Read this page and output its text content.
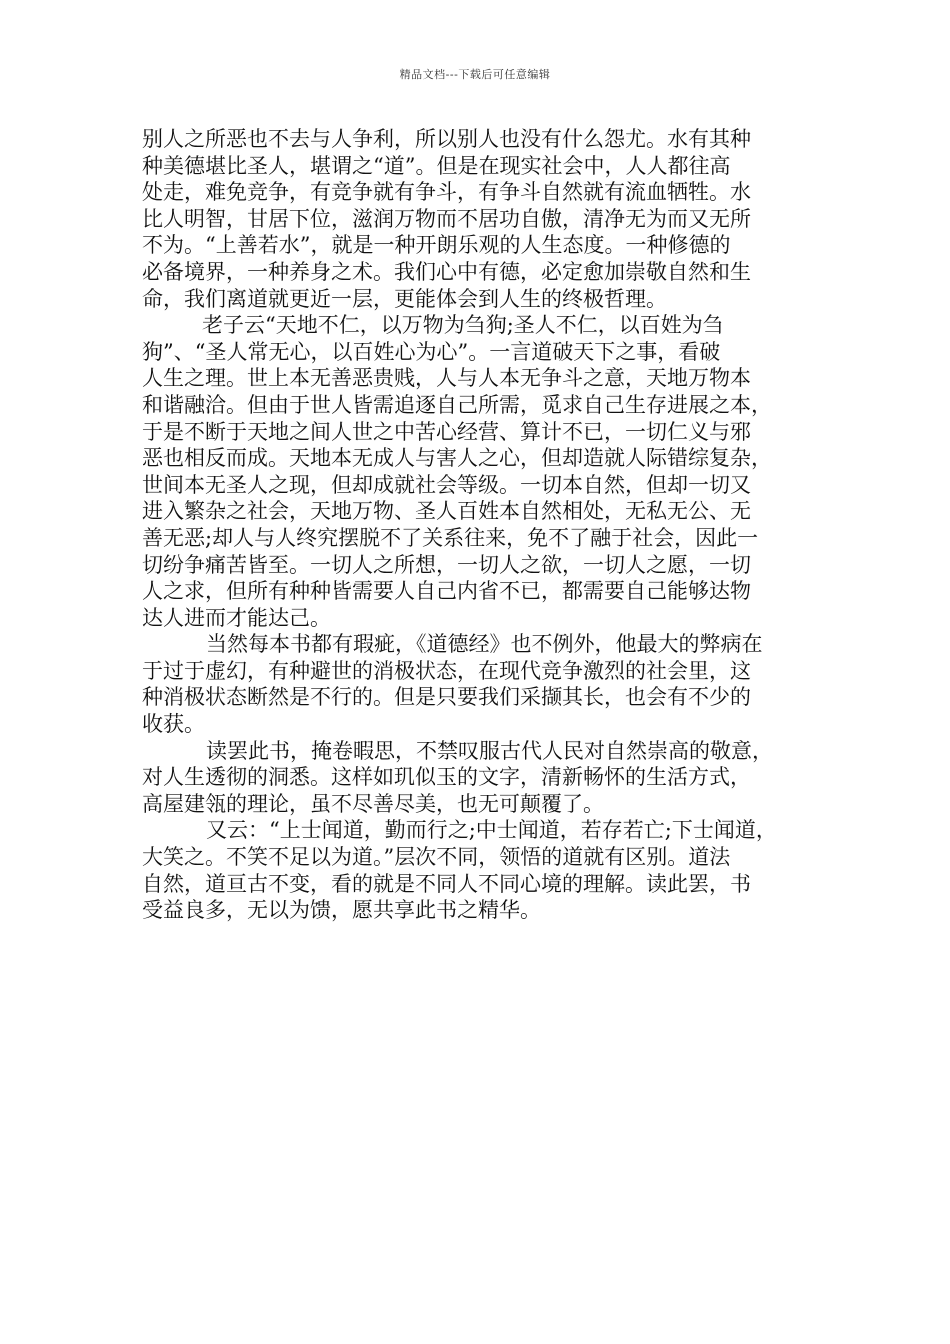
精品文档---下载后可任意编辑
别人之所恶也不去与人争利，所以别人也没有什么怨尤。水有其种
种美德堪比圣人，堪谓之“道”。但是在现实社会中，人人都往高
处走，难免竞争，有竞争就有争斗，有争斗自然就有流血牺牲。水
比人明智，甘居下位，滋润万物而不居功自傲，清净无为而又无所
不为。“上善若水”，就是一种开朗乐观的人生态度。一种修德的
必备境界，一种养身之术。我们心中有德，必定愈加崇敬自然和生
命，我们离道就更近一层，更能体会到人生的终极哲理。
老子云“天地不仁，以万物为刍狗;圣人不仁，以百姓为刍
狗”、“圣人常无心，以百姓心为心”。一言道破天下之事，看破
人生之理。世上本无善恶贵贱，人与人本无争斗之意，天地万物本
和谐融洽。但由于世人皆需追逐自己所需，觅求自己生存进展之本，
于是不断于天地之间人世之中苦心经营、算计不已，一切仁义与邪
恶也相反而成。天地本无成人与害人之心，但却造就人际错综复杂，
世间本无圣人之现，但却成就社会等级。一切本自然，但却一切又
进入繁杂之社会，天地万物、圣人百姓本自然相处，无私无公、无
善无恶;却人与人终究摆脱不了关系往来，免不了融于社会，因此一
切纷争痛苦皆至。一切人之所想，一切人之欲，一切人之愿，一切
人之求，但所有种种皆需要人自己内省不已，都需要自己能够达物
达人进而才能达己。
当然每本书都有瑕疵，《道德经》也不例外，他最大的弊病在
于过于虚幻，有种避世的消极状态，在现代竞争激烈的社会里，这
种消极状态断然是不行的。但是只要我们采撷其长，也会有不少的
收获。
读罢此书，掩卷暇思，不禁叹服古代人民对自然崇高的敬意，
对人生透彻的洞悉。这样如玑似玉的文字，清新畅怀的生活方式，
高屋建瓴的理论，虽不尽善尽美，也无可颠覆了。
又云：“上士闻道，勤而行之;中士闻道，若存若亡;下士闻道，
大笑之。不笑不足以为道。”层次不同，领悟的道就有区别。道法
自然，道亘古不变，看的就是不同人不同心境的理解。读此罢，书
受益良多，无以为馈，愿共享此书之精华。
